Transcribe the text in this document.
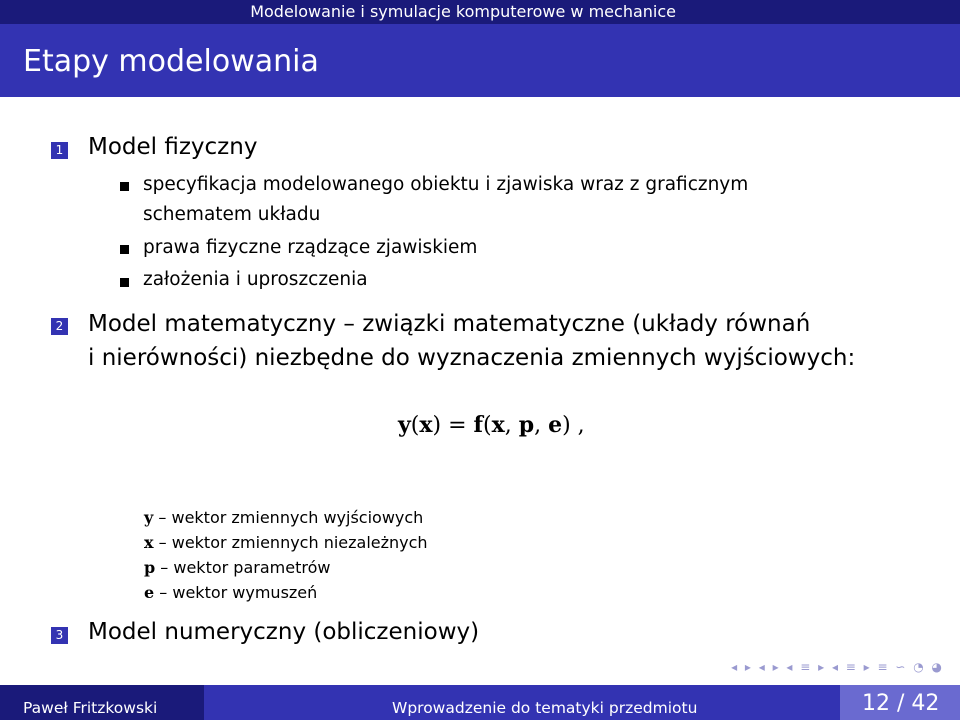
Modelowanie i symulacje komputerowe w mechanice
Etapy modelowania
1 Model fizyczny
specyfikacja modelowanego obiektu i zjawiska wraz z graficznym
schematem układu
prawa fizyczne rządzące zjawiskiem
założenia i uproszczenia
2 Model matematyczny – związki matematyczne (układy równań
i nierówności) niezbędne do wyznaczenia zmiennych wyjściowych:
y(x) = f(x, p, e) ,
y – wektor zmiennych wyjściowych
x – wektor zmiennych niezależnych
p – wektor parametrów
e – wektor wymuszeń
3 Model numeryczny (obliczeniowy)
◂ ▸ ◂ ▸ ◂ ≡ ▸ ◂ ≡ ▸ ≡ ∽ ◔ ◕
Paweł Fritzkowski	Wprowadzenie do tematyki przedmiotu	12 / 42
